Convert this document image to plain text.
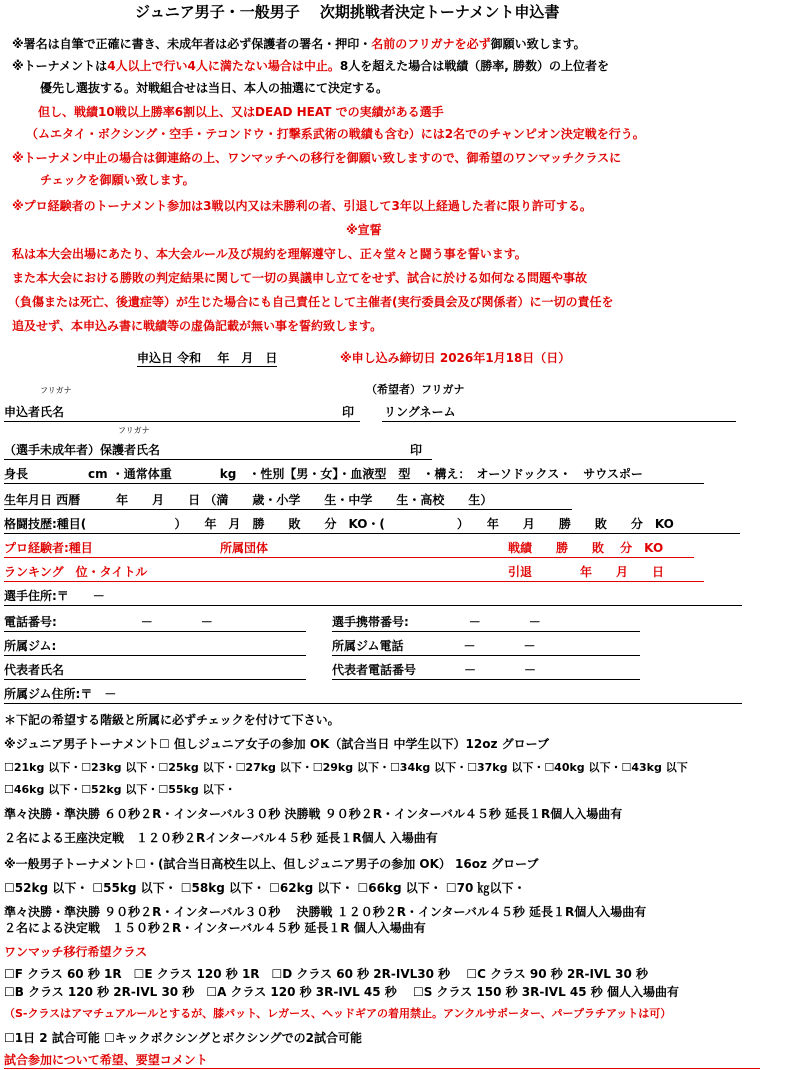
ジュニア男子・一般男子　 次期挑戦者決定トーナメント申込書
※署名は自筆で正確に書き、未成年者は必ず保護者の署名・押印・名前のフリガナを必ず御願い致します。
※トーナメントは4人以上で行い4人に満たない場合は中止。8人を超えた場合は戦績（勝率, 勝数）の上位者を
優先し選抜する。対戦組合せは当日、本人の抽選にて決定する。
但し、戦績10戦以上勝率6割以上、又はDEAD HEAT での実績がある選手
（ムエタイ・ボクシング・空手・テコンドウ・打撃系武術の戦績も含む）には2名でのチャンピオン決定戦を行う。
※トーナメン中止の場合は御連絡の上、ワンマッチへの移行を御願い致しますので、御希望のワンマッチクラスに
チェックを御願い致します。
※プロ経験者のトーナメント参加は3戦以内又は未勝利の者、引退して3年以上経過した者に限り許可する。
※宣誓
私は本大会出場にあたり、本大会ルール及び規約を理解遵守し、正々堂々と闘う事を誓います。
また本大会における勝敗の判定結果に関して一切の異議申し立てをせず、試合に於ける如何なる問題や事故
（負傷または死亡、後遺症等）が生じた場合にも自己責任として主催者(実行委員会及び関係者）に一切の責任を
追及せず、本申込み書に戦績等の虚偽記載が無い事を誓約致します。
申込日 令和　 年　月　日	※申し込み締切日 2026年1月18日（日）
フリガナ	（希望者）フリガナ
申込者氏名	印 リングネーム
フリガナ
（選手未成年者）保護者氏名	印
身長　　　　　cm ・通常体重　　　　kg　・性別【男・女】・血液型　型　・構え：　オーソドックス・　サウスポー
生年月日 西暦　　　年　　月　　日 （満　　歳・小学　　生・中学　　生・高校　　生）
格闘技歴:種目(　　　　　　　 ）　　年　月　勝　　敗　　分　KO・(　　　　　　）　　年　　月　　勝　　敗　　分　KO
プロ経験者:種目	所属団体	戦績　　勝　　敗　 分　KO
ランキング　位・タイトル	引退　　　　年　　月　　日
選手住所:〒　　－
電話番号:　　　　　　　－　　　　－	選手携帯番号:　　　　　－　　　　－
所属ジム:	所属ジム電話　　　　　－　　　　－
代表者氏名	代表者電話番号　　　　－　　　　－
所属ジム住所:〒　－
＊下記の希望する階級と所属に必ずチェックを付けて下さい。
※ジュニア男子トーナメント☐ 但しジュニア女子の参加 OK（試合当日 中学生以下）12oz グローブ
☐21kg 以下・☐23kg 以下・☐25kg 以下・☐27kg 以下・☐29kg 以下・☐34kg 以下・☐37kg 以下・☐40kg 以下・☐43kg 以下
☐46kg 以下・☐52kg 以下・☐55kg 以下・
準々決勝・準決勝 ６０秒２R・インターバル３０秒 決勝戦 ９０秒２R・インターバル４５秒 延長１R個人入場曲有
２名による王座決定戦　１２０秒２Rインターバル４５秒 延長１R個人 入場曲有
※一般男子トーナメント☐・(試合当日高校生以上、但しジュニア男子の参加 OK） 16oz グローブ
☐52kg 以下・ ☐55kg 以下・ ☐58kg 以下・ ☐62kg 以下・ ☐66kg 以下・ ☐70 ㎏以下・
準々決勝・準決勝 ９０秒２R・インターバル３０秒　 決勝戦 １２０秒２R・インターバル４５秒 延長１R個人入場曲有
２名による決定戦　１５０秒２R・インターバル４５秒 延長１R 個人入場曲有
ワンマッチ移行希望クラス
☐F クラス 60 秒 1R　☐E クラス 120 秒 1R　☐D クラス 60 秒 2R-IVL30 秒　 ☐C クラス 90 秒 2R-IVL 30 秒
☐B クラス 120 秒 2R-IVL 30 秒　☐A クラス 120 秒 3R-IVL 45 秒　 ☐S クラス 150 秒 3R-IVL 45 秒 個人入場曲有
（S-クラスはアマチュアルールとするが、膝パット、レガース、ヘッドギアの着用禁止。アンクルサポーター、パープラチアットは可）
☐1日 2 試合可能 ☐キックボクシングとボクシングでの2試合可能
試合参加について希望、要望コメント
